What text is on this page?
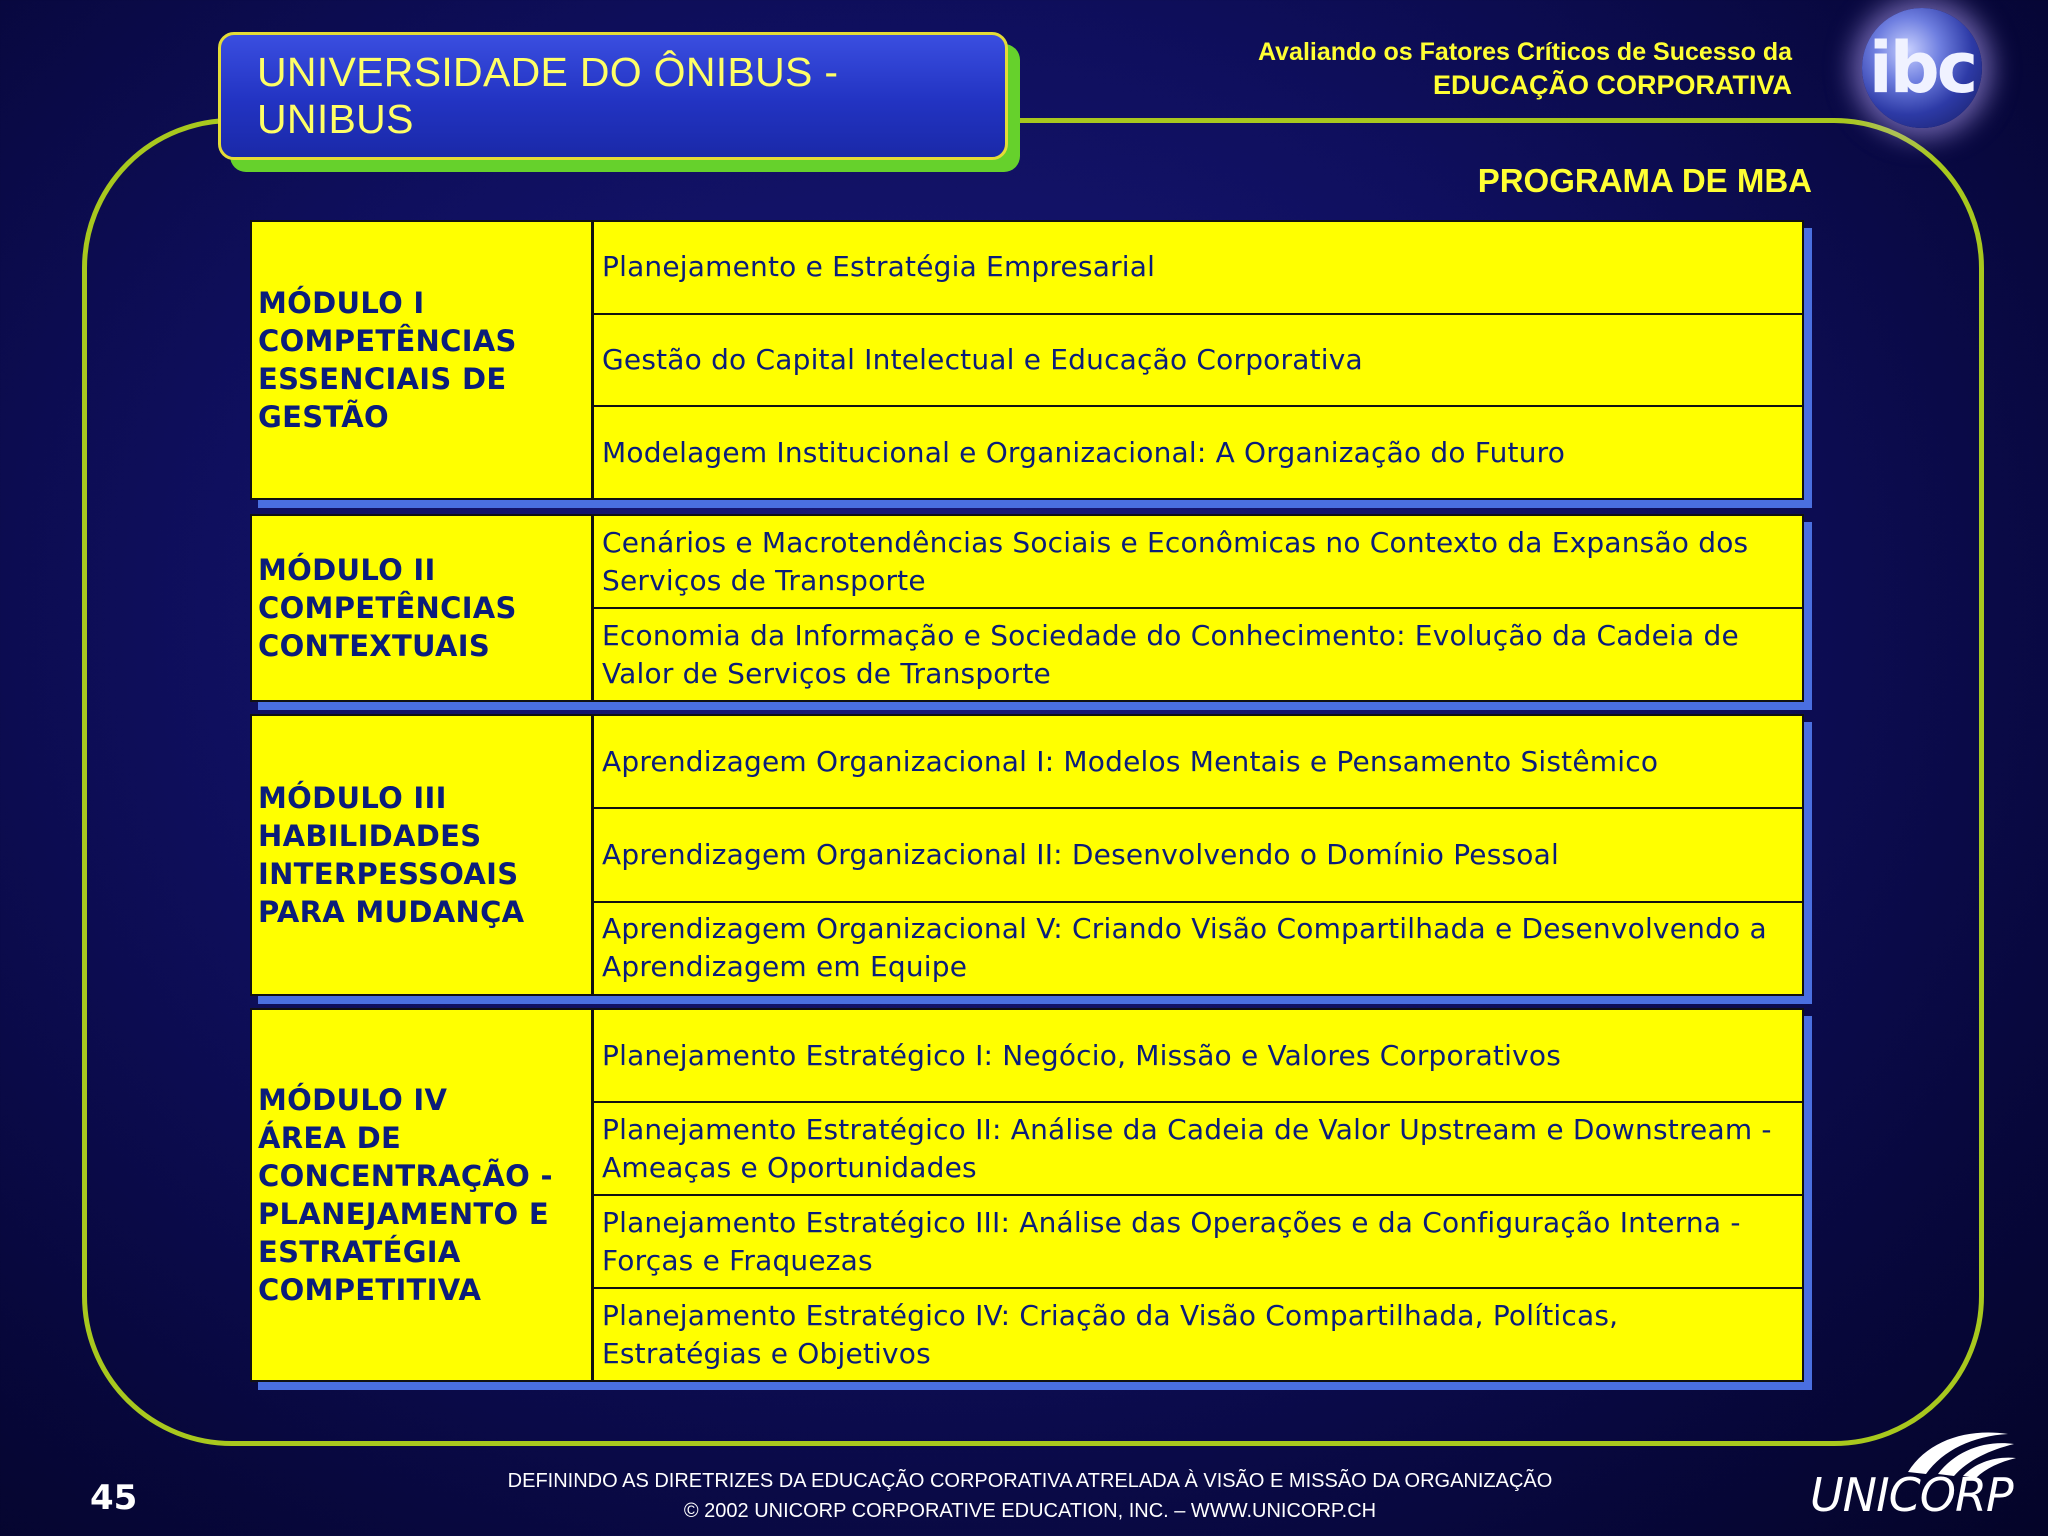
UNIVERSIDADE DO ÔNIBUS - UNIBUS
Avaliando os Fatores Críticos de Sucesso da
EDUCAÇÃO CORPORATIVA ibc
PROGRAMA DE MBA
MÓDULO I
COMPETÊNCIAS
ESSENCIAIS DE
GESTÃO
Planejamento e Estratégia Empresarial
Gestão do Capital Intelectual e Educação Corporativa
Modelagem Institucional e Organizacional: A Organização do Futuro
MÓDULO II
COMPETÊNCIAS
CONTEXTUAIS
Cenários e Macrotendências Sociais e Econômicas no Contexto da Expansão dos
Serviços de Transporte
Economia da Informação e Sociedade do Conhecimento: Evolução da Cadeia de
Valor de Serviços de Transporte
MÓDULO III
HABILIDADES
INTERPESSOAIS
PARA MUDANÇA
Aprendizagem Organizacional I: Modelos Mentais e Pensamento Sistêmico
Aprendizagem Organizacional II: Desenvolvendo o Domínio Pessoal
Aprendizagem Organizacional V: Criando Visão Compartilhada e Desenvolvendo a
Aprendizagem em Equipe
MÓDULO IV
ÁREA DE
CONCENTRAÇÃO -
PLANEJAMENTO E
ESTRATÉGIA
COMPETITIVA
Planejamento Estratégico I: Negócio, Missão e Valores Corporativos
Planejamento Estratégico II: Análise da Cadeia de Valor Upstream e Downstream -
Ameaças e Oportunidades
Planejamento Estratégico III: Análise das Operações e da Configuração Interna -
Forças e Fraquezas
Planejamento Estratégico IV: Criação da Visão Compartilhada, Políticas,
Estratégias e Objetivos
45	DEFININDO AS DIRETRIZES DA EDUCAÇÃO CORPORATIVA ATRELADA À VISÃO E MISSÃO DA ORGANIZAÇÃO
© 2002 UNICORP CORPORATIVE EDUCATION, INC. – WWW.UNICORP.CH	UNICORP
